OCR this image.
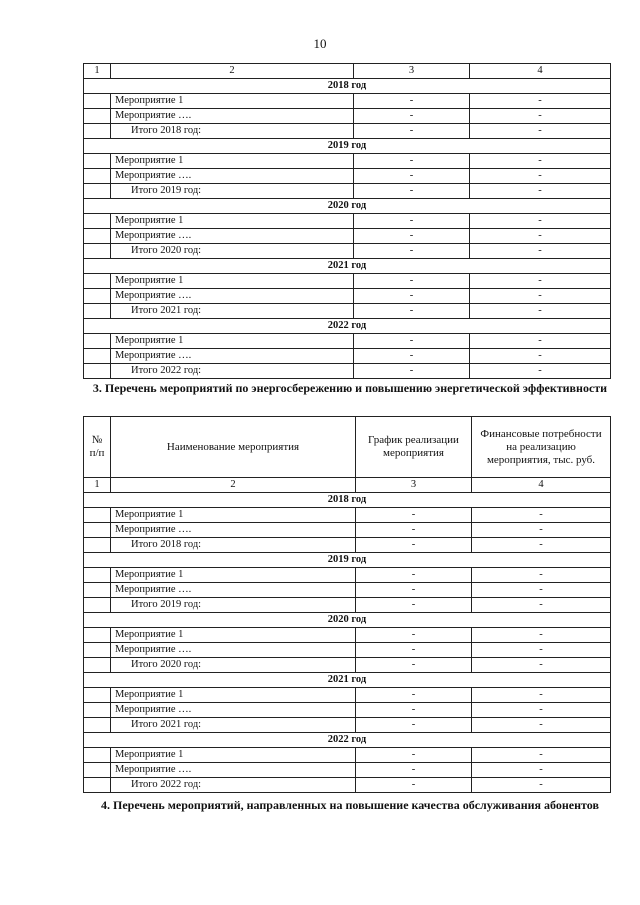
10
1	2	3	4
2018 год			
	Мероприятие 1	-	-
	Мероприятие ….	-	-
	Итого 2018 год:	-	-
2019 год			
	Мероприятие 1	-	-
	Мероприятие ….	-	-
	Итого 2019 год:	-	-
2020 год			
	Мероприятие 1	-	-
	Мероприятие ….	-	-
	Итого 2020 год:	-	-
2021 год			
	Мероприятие 1	-	-
	Мероприятие ….	-	-
	Итого 2021 год:	-	-
2022 год			
	Мероприятие 1	-	-
	Мероприятие ….	-	-
	Итого 2022 год:	-	-
3. Перечень мероприятий по энергосбережению и повышению энергетической эффективности
№ п/п	Наименование мероприятия	График реализации мероприятия	Финансовые потребности на реализацию мероприятия, тыс. руб.
1	2	3	4
2018 год			
	Мероприятие 1	-	-
	Мероприятие ….	-	-
	Итого 2018 год:	-	-
2019 год			
	Мероприятие 1	-	-
	Мероприятие ….	-	-
	Итого 2019 год:	-	-
2020 год			
	Мероприятие 1	-	-
	Мероприятие ….	-	-
	Итого 2020 год:	-	-
2021 год			
	Мероприятие 1	-	-
	Мероприятие ….	-	-
	Итого 2021 год:	-	-
2022 год			
	Мероприятие 1	-	-
	Мероприятие ….	-	-
	Итого 2022 год:	-	-
4. Перечень мероприятий, направленных на повышение качества обслуживания абонентов
